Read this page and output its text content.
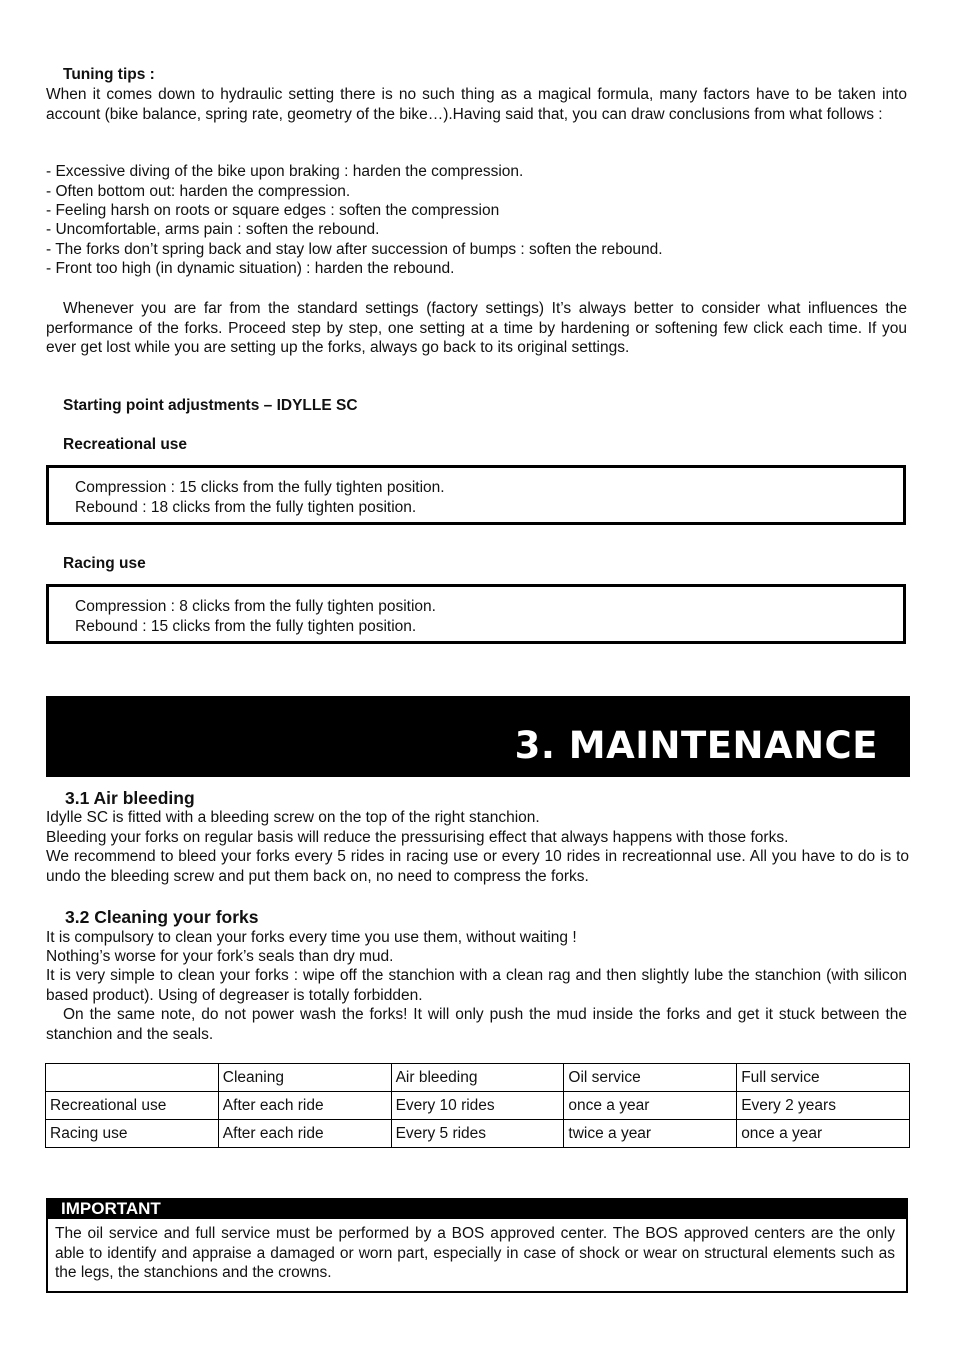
Tuning tips :
When it comes down to hydraulic setting there is no such thing as a magical formula, many factors have to be taken into account (bike balance, spring rate, geometry of the bike…).Having said that, you can draw conclusions from what follows :
- Excessive diving of the bike upon braking : harden the compression.
- Often bottom out: harden the compression.
- Feeling harsh on roots or square edges : soften the compression
- Uncomfortable, arms pain : soften the rebound.
- The forks don’t spring back and stay low after succession of bumps : soften the rebound.
- Front too high (in dynamic situation) : harden the rebound.
Whenever you are far from the standard settings (factory settings) It’s always better to consider what influences the performance of the forks. Proceed step by step, one setting at a time by hardening or softening few click each time. If you ever get lost while you are setting up the forks, always go back to its original settings.
Starting point adjustments – IDYLLE SC
Recreational use
Compression : 15 clicks from the fully tighten position.
Rebound : 18 clicks from the fully tighten position.
Racing use
Compression : 8 clicks from the fully tighten position.
Rebound : 15 clicks from the fully tighten position.
3. MAINTENANCE
3.1 Air bleeding
Idylle SC is fitted with a bleeding screw on the top of the right stanchion.
Bleeding your forks on regular basis will reduce the pressurising effect that always happens with those forks.
We recommend to bleed your forks every 5 rides in racing use or every 10 rides in recreationnal use. All you have to do is to undo the bleeding screw and put them back on, no need to compress the forks.
3.2 Cleaning your forks
It is compulsory to clean your forks every time you use them, without waiting !
Nothing’s worse for your fork’s seals than dry mud.
It is very simple to clean your forks : wipe off the stanchion with a clean rag and then slightly lube the stanchion (with silicon based product). Using of degreaser is totally forbidden.
On the same note, do not power wash the forks! It will only push the mud inside the forks and get it stuck between the stanchion and the seals.
	Cleaning	Air bleeding	Oil service	Full service
Recreational use	After each ride	Every 10 rides	once a year	Every 2 years
Racing use	After each ride	Every 5 rides	twice a year	once a year
IMPORTANT
The oil service and full service must be performed by a BOS approved center. The BOS approved centers are the only able to identify and appraise a damaged or worn part, especially in case of shock or wear on structural elements such as the legs, the stanchions and the crowns.
